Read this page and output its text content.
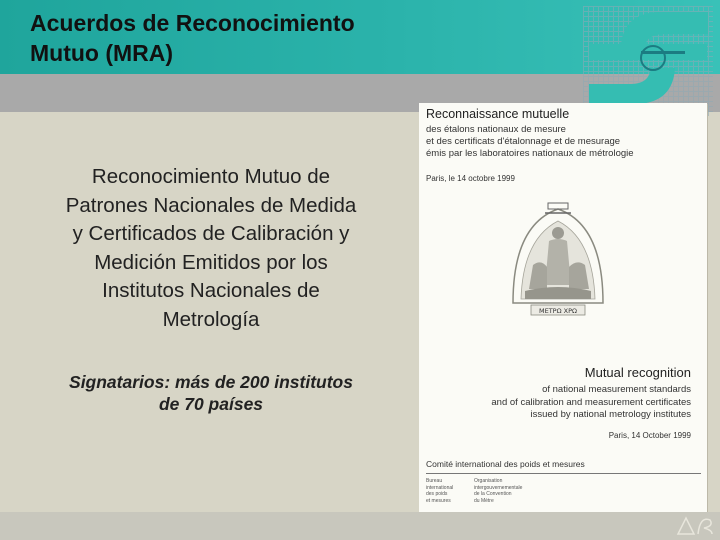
Acuerdos de Reconocimiento
Mutuo (MRA)

Reconocimiento Mutuo de
Patrones Nacionales de Medida
y Certificados de Calibración y
Medición Emitidos por los
Institutos Nacionales de
Metrología

Signatarios: más de 200 institutos
de 70 países

Reconnaissance mutuelle

des étalons nationaux de mesure
et des certificats d'étalonnage et de mesurage
émis par les laboratoires nationaux de métrologie

Paris, le 14 octobre 1999
ΜΕΤΡΩ ΧΡΩ
Mutual recognition

of national measurement standards
and of calibration and measurement certificates
issued by national metrology institutes

Paris, 14 October 1999
Comité international des poids et mesures

Bureau
international
des poids
et mesures

Organisation
intergouvernementale
de la Convention
du Mètre
